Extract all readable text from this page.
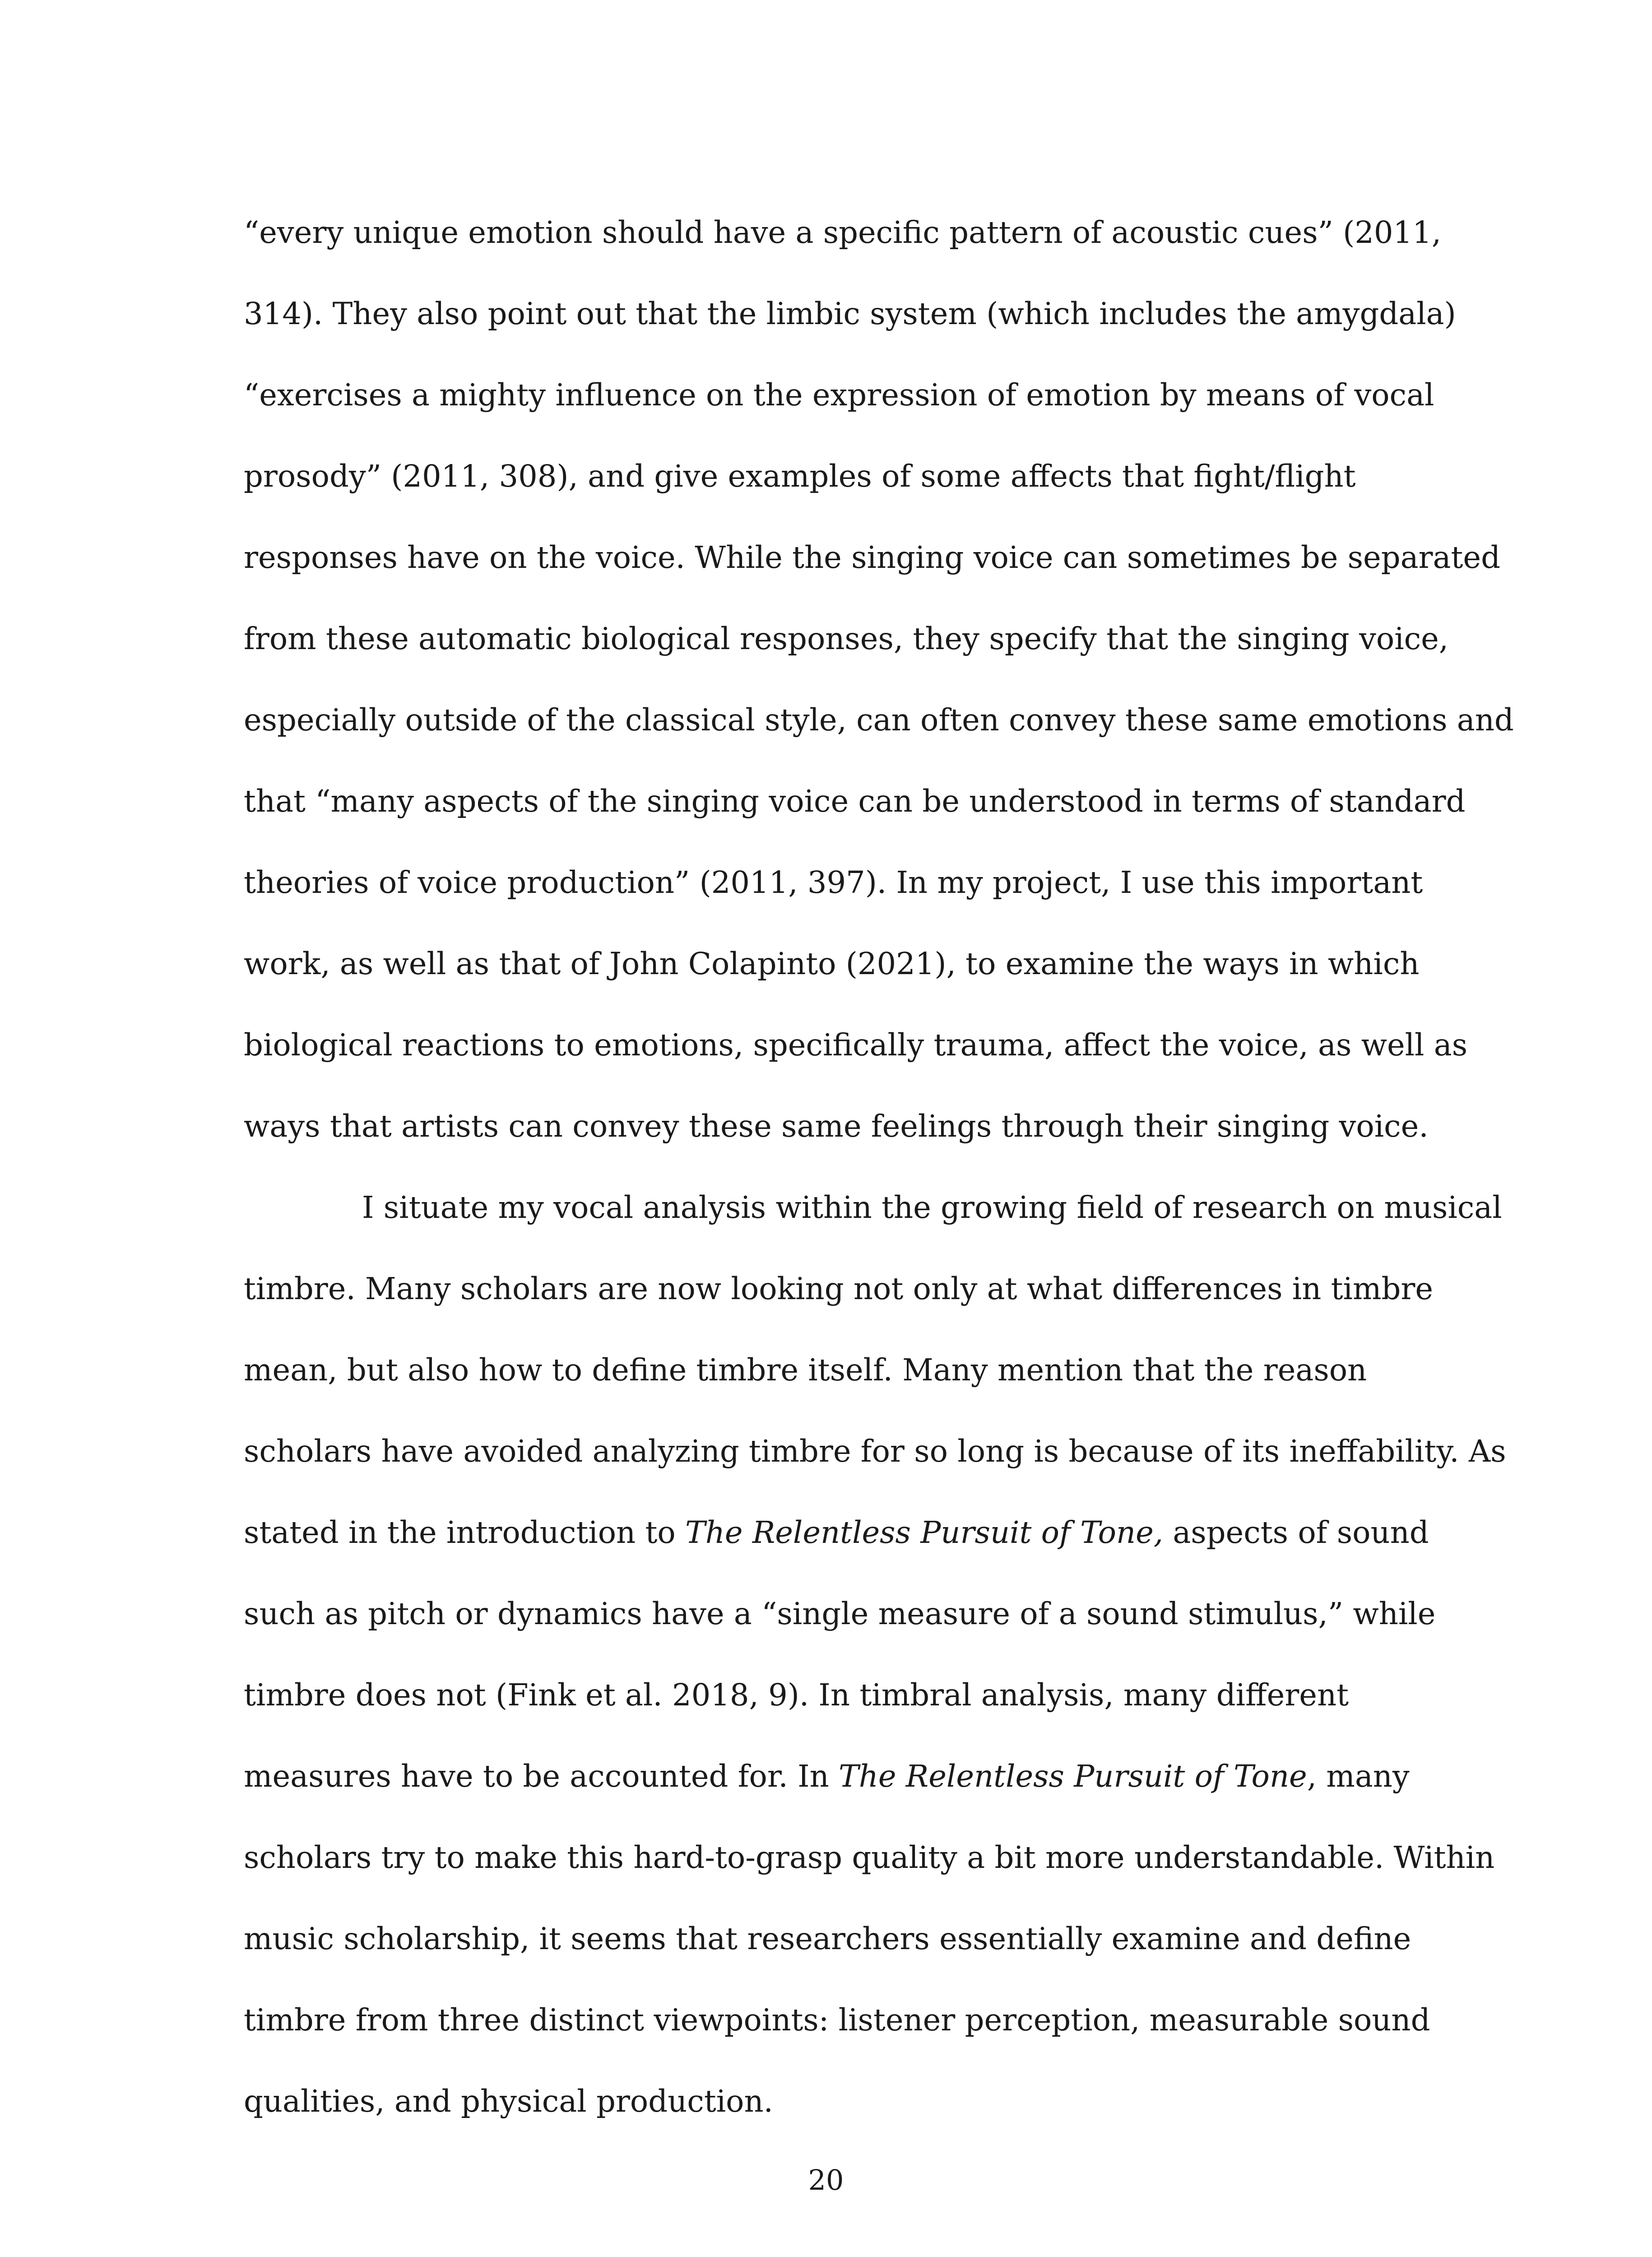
“every unique emotion should have a specific pattern of acoustic cues” (2011,
314). They also point out that the limbic system (which includes the amygdala)
“exercises a mighty influence on the expression of emotion by means of vocal
prosody” (2011, 308), and give examples of some affects that fight/flight
responses have on the voice. While the singing voice can sometimes be separated
from these automatic biological responses, they specify that the singing voice,
especially outside of the classical style, can often convey these same emotions and
that “many aspects of the singing voice can be understood in terms of standard
theories of voice production” (2011, 397). In my project, I use this important
work, as well as that of John Colapinto (2021), to examine the ways in which
biological reactions to emotions, specifically trauma, affect the voice, as well as
ways that artists can convey these same feelings through their singing voice.
I situate my vocal analysis within the growing field of research on musical
timbre. Many scholars are now looking not only at what differences in timbre
mean, but also how to define timbre itself. Many mention that the reason
scholars have avoided analyzing timbre for so long is because of its ineffability. As
stated in the introduction to The Relentless Pursuit of Tone, aspects of sound
such as pitch or dynamics have a “single measure of a sound stimulus,” while
timbre does not (Fink et al. 2018, 9). In timbral analysis, many different
measures have to be accounted for. In The Relentless Pursuit of Tone, many
scholars try to make this hard-to-grasp quality a bit more understandable. Within
music scholarship, it seems that researchers essentially examine and define
timbre from three distinct viewpoints: listener perception, measurable sound
qualities, and physical production.
20
